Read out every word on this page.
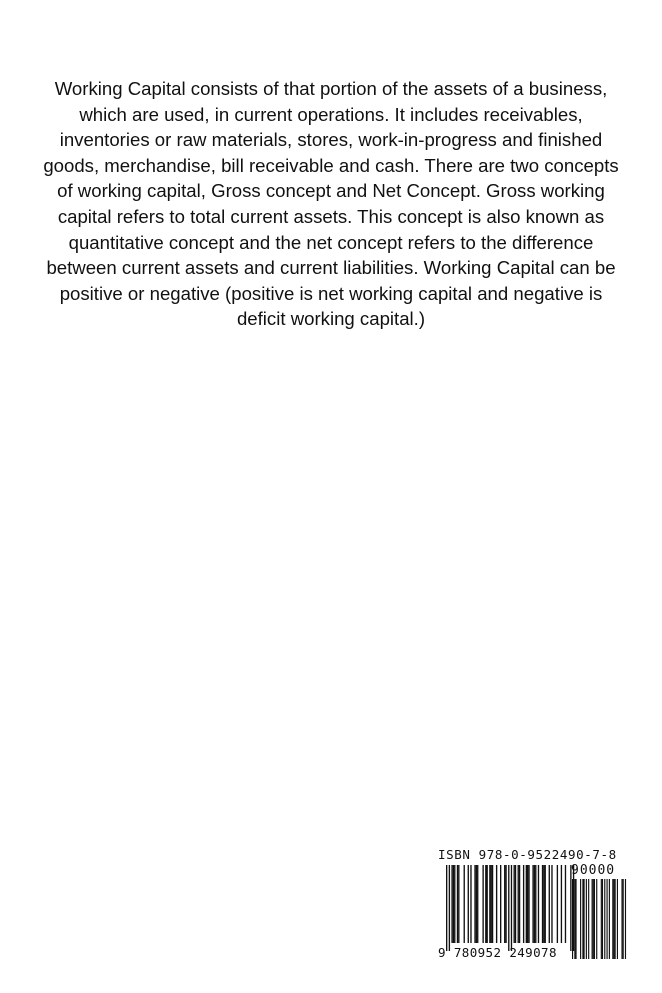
Working Capital consists of that portion of the assets of a business, which are used, in current operations. It includes receivables, inventories or raw materials, stores, work-in-progress and finished goods, merchandise, bill receivable and cash. There are two concepts of working capital, Gross concept and Net Concept. Gross working capital refers to total current assets. This concept is also known as quantitative concept and the net concept refers to the difference between current assets and current liabilities. Working Capital can be positive or negative (positive is net working capital and negative is deficit working capital.)

ISBN 978-0-9522490-7-8
90000
9 780952 249078
